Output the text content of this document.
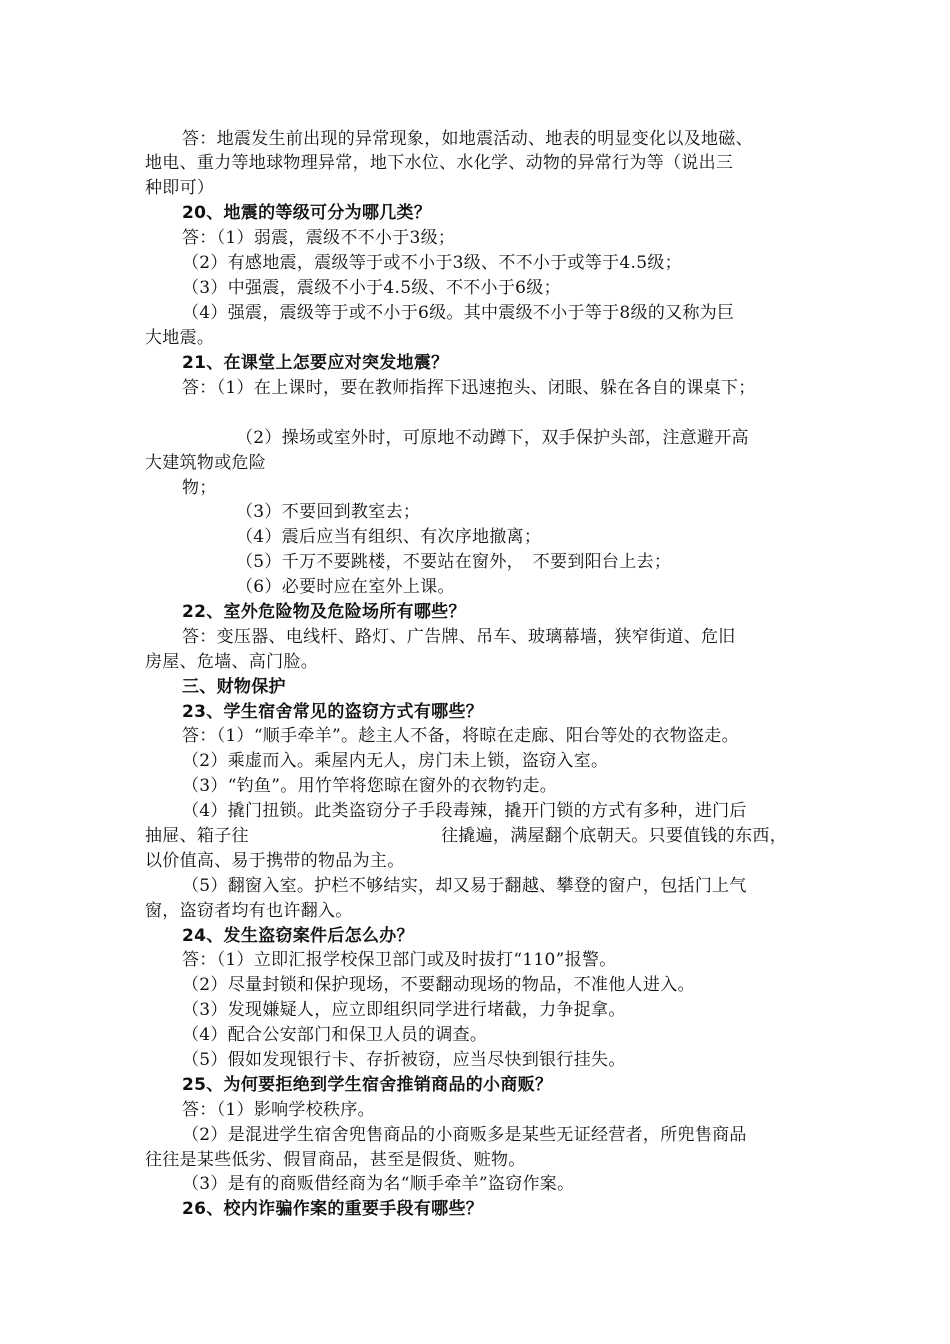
答：地震发生前出现的异常现象，如地震活动、地表的明显变化以及地磁、
地电、重力等地球物理异常，地下水位、水化学、动物的异常行为等（说出三
种即可）
20、地震的等级可分为哪几类？
答：（1）弱震，震级不不小于3级；
（2）有感地震，震级等于或不小于3级、不不小于或等于4.5级；
（3）中强震，震级不小于4.5级、不不小于6级；
（4）强震，震级等于或不小于6级。其中震级不小于等于8级的又称为巨
大地震。
21、在课堂上怎要应对突发地震？
答：（1）在上课时，要在教师指挥下迅速抱头、闭眼、躲在各自的课桌下；
（2）操场或室外时，可原地不动蹲下，双手保护头部，注意避开高
大建筑物或危险
物；
（3）不要回到教室去；
（4）震后应当有组织、有次序地撤离；
（5）千万不要跳楼，不要站在窗外，　不要到阳台上去；
（6）必要时应在室外上课。
22、室外危险物及危险场所有哪些？
答：变压器、电线杆、路灯、广告牌、吊车、玻璃幕墙，狭窄街道、危旧
房屋、危墙、高门脸。
三、财物保护
23、学生宿舍常见的盗窃方式有哪些？
答：（1）“顺手牵羊”。趁主人不备，将晾在走廊、阳台等处的衣物盗走。
（2）乘虚而入。乘屋内无人，房门未上锁，盗窃入室。
（3）“钓鱼”。用竹竿将您晾在窗外的衣物钓走。
（4）撬门扭锁。此类盗窃分子手段毒辣，撬开门锁的方式有多种，进门后
抽屉、箱子往	往撬遍，满屋翻个底朝天。只要值钱的东西，
以价值高、易于携带的物品为主。
（5）翻窗入室。护栏不够结实，却又易于翻越、攀登的窗户，包括门上气
窗，盗窃者均有也许翻入。
24、发生盗窃案件后怎么办？
答：（1）立即汇报学校保卫部门或及时拔打“110”报警。
（2）尽量封锁和保护现场，不要翻动现场的物品，不准他人进入。
（3）发现嫌疑人，应立即组织同学进行堵截，力争捉拿。
（4）配合公安部门和保卫人员的调查。
（5）假如发现银行卡、存折被窃，应当尽快到银行挂失。
25、为何要拒绝到学生宿舍推销商品的小商贩？
答：（1）影响学校秩序。
（2）是混进学生宿舍兜售商品的小商贩多是某些无证经营者，所兜售商品
往往是某些低劣、假冒商品，甚至是假货、赃物。
（3）是有的商贩借经商为名“顺手牵羊”盗窃作案。
26、校内诈骗作案的重要手段有哪些？
